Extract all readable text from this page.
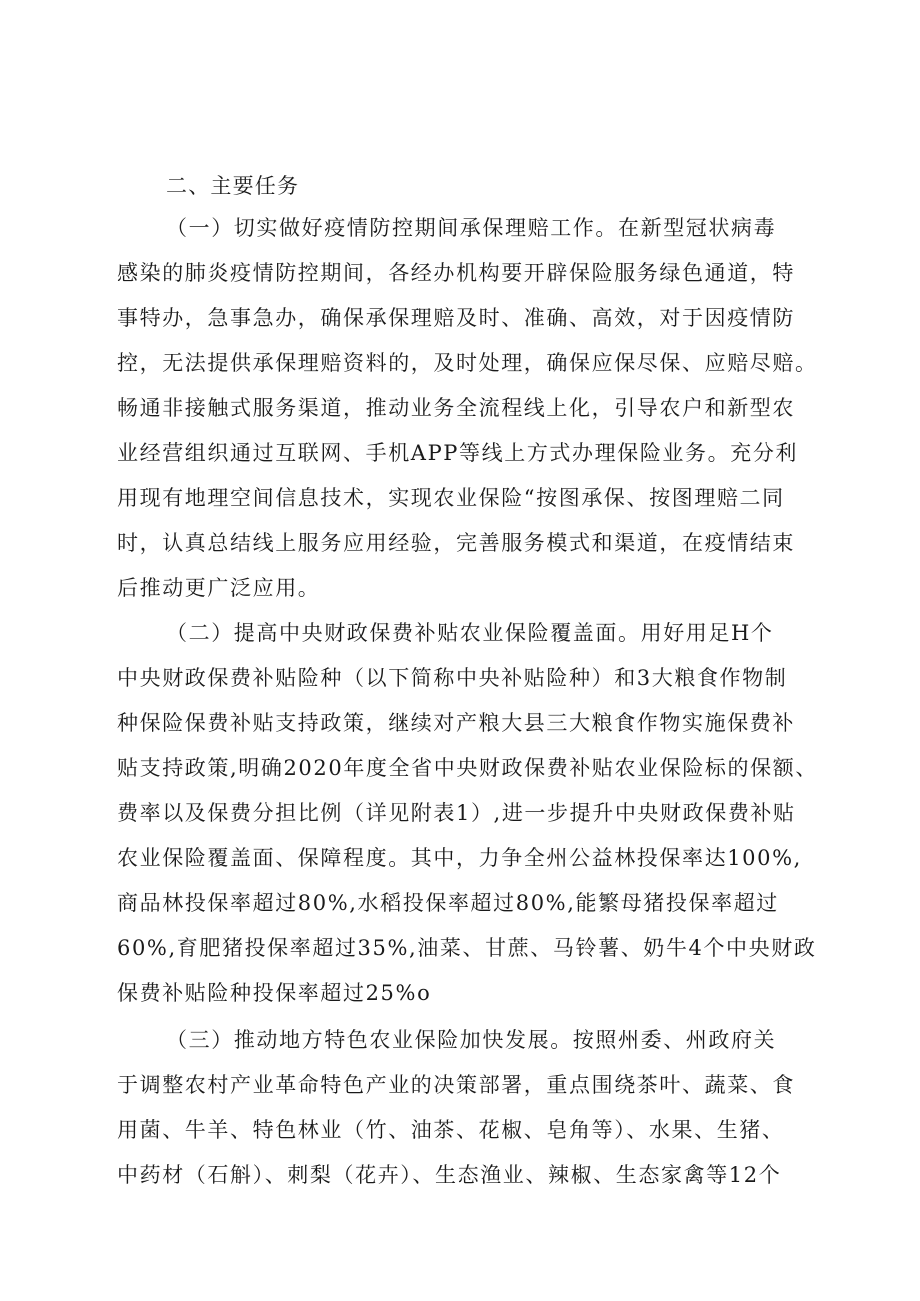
二、主要任务
（一）切实做好疫情防控期间承保理赔工作。在新型冠状病毒
感染的肺炎疫情防控期间，各经办机构要开辟保险服务绿色通道，特
事特办，急事急办，确保承保理赔及时、准确、高效，对于因疫情防
控，无法提供承保理赔资料的，及时处理，确保应保尽保、应赔尽赔。
畅通非接触式服务渠道，推动业务全流程线上化，引导农户和新型农
业经营组织通过互联网、手机APP等线上方式办理保险业务。充分利
用现有地理空间信息技术，实现农业保险“按图承保、按图理赔二同
时，认真总结线上服务应用经验，完善服务模式和渠道，在疫情结束
后推动更广泛应用。
（二）提高中央财政保费补贴农业保险覆盖面。用好用足H个
中央财政保费补贴险种（以下简称中央补贴险种）和3大粮食作物制
种保险保费补贴支持政策，继续对产粮大县三大粮食作物实施保费补
贴支持政策,明确2020年度全省中央财政保费补贴农业保险标的保额、
费率以及保费分担比例（详见附表1）,进一步提升中央财政保费补贴
农业保险覆盖面、保障程度。其中，力争全州公益林投保率达100%,
商品林投保率超过80%,水稻投保率超过80%,能繁母猪投保率超过
60%,育肥猪投保率超过35%,油菜、甘蔗、马铃薯、奶牛4个中央财政
保费补贴险种投保率超过25%o
（三）推动地方特色农业保险加快发展。按照州委、州政府关
于调整农村产业革命特色产业的决策部署，重点围绕茶叶、蔬菜、食
用菌、牛羊、特色林业（竹、油茶、花椒、皂角等）、水果、生猪、
中药材（石斛）、刺梨（花卉）、生态渔业、辣椒、生态家禽等12个
